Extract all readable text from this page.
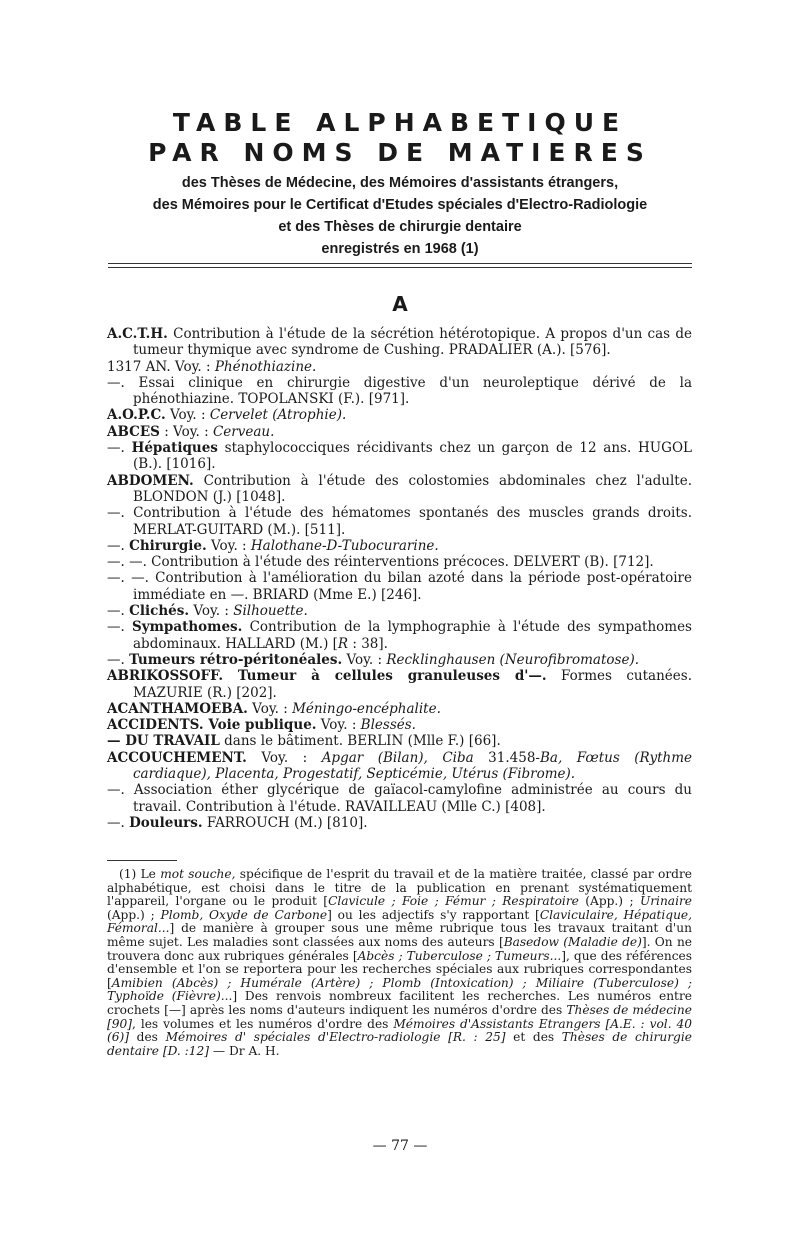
TABLE ALPHABETIQUE
PAR NOMS DE MATIERES
des Thèses de Médecine, des Mémoires d'assistants étrangers,
des Mémoires pour le Certificat d'Etudes spéciales d'Electro-Radiologie
et des Thèses de chirurgie dentaire
enregistrés en 1968 (1)
A
A.C.T.H. Contribution à l'étude de la sécrétion hétérotopique. A propos d'un cas de tumeur thymique avec syndrome de Cushing. PRADALIER (A.). [576].
1317 AN. Voy. : Phénothiazine.
—. Essai clinique en chirurgie digestive d'un neuroleptique dérivé de la phénothiazine. TOPOLANSKI (F.). [971].
A.O.P.C. Voy. : Cervelet (Atrophie).
ABCES : Voy. : Cerveau.
—. Hépatiques staphylococciques récidivants chez un garçon de 12 ans. HUGOL (B.). [1016].
ABDOMEN. Contribution à l'étude des colostomies abdominales chez l'adulte. BLONDON (J.) [1048].
—. Contribution à l'étude des hématomes spontanés des muscles grands droits. MERLAT-GUITARD (M.). [511].
—. Chirurgie. Voy. : Halothane-D-Tubocurarine.
—. —. Contribution à l'étude des réinterventions précoces. DELVERT (B). [712].
—. —. Contribution à l'amélioration du bilan azoté dans la période post-opératoire immédiate en —. BRIARD (Mme E.) [246].
—. Clichés. Voy. : Silhouette.
—. Sympathomes. Contribution de la lymphographie à l'étude des sympathomes abdominaux. HALLARD (M.) [R : 38].
—. Tumeurs rétro-péritonéales. Voy. : Recklinghausen (Neurofibromatose).
ABRIKOSSOFF. Tumeur à cellules granuleuses d'—. Formes cutanées. MAZURIE (R.) [202].
ACANTHAMOEBA. Voy. : Méningo-encéphalite.
ACCIDENTS. Voie publique. Voy. : Blessés.
— DU TRAVAIL dans le bâtiment. BERLIN (Mlle F.) [66].
ACCOUCHEMENT. Voy. : Apgar (Bilan), Ciba 31.458-Ba, Fœtus (Rythme cardiaque), Placenta, Progestatif, Septicémie, Utérus (Fibrome).
—. Association éther glycérique de gaïacol-camylofine administrée au cours du travail. Contribution à l'étude. RAVAILLEAU (Mlle C.) [408].
—. Douleurs. FARROUCH (M.) [810].
(1) Le mot souche, spécifique de l'esprit du travail et de la matière traitée, classé par ordre alphabétique, est choisi dans le titre de la publication en prenant systématiquement l'appareil, l'organe ou le produit [Clavicule ; Foie ; Fémur ; Respiratoire (App.) ; Urinaire (App.) ; Plomb, Oxyde de Carbone] ou les adjectifs s'y rapportant [Claviculaire, Hépatique, Fémoral...] de manière à grouper sous une même rubrique tous les travaux traitant d'un même sujet. Les maladies sont classées aux noms des auteurs [Basedow (Maladie de)]. On ne trouvera donc aux rubriques générales [Abcès ; Tuberculose ; Tumeurs...], que des références d'ensemble et l'on se reportera pour les recherches spéciales aux rubriques correspondantes [Amibien (Abcès) ; Humérale (Artère) ; Plomb (Intoxication) ; Miliaire (Tuberculose) ; Typhoïde (Fièvre)...] Des renvois nombreux facilitent les recherches. Les numéros entre crochets [—] après les noms d'auteurs indiquent les numéros d'ordre des Thèses de médecine [90], les volumes et les numéros d'ordre des Mémoires d'Assistants Etrangers [A.E. : vol. 40 (6)] des Mémoires d' spéciales d'Electro-radiologie [R. : 25] et des Thèses de chirurgie dentaire [D. :12] — Dr A. H.
— 77 —
